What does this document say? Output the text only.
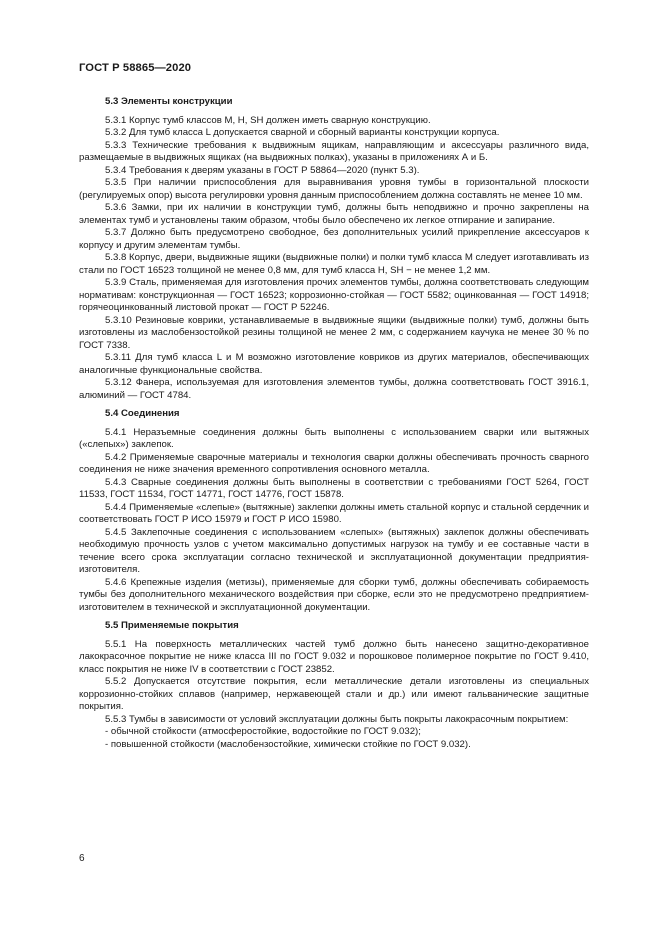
ГОСТ Р 58865—2020
5.3 Элементы конструкции

5.3.1 Корпус тумб классов M, H, SH должен иметь сварную конструкцию.

5.3.2 Для тумб класса L допускается сварной и сборный варианты конструкции корпуса.

5.3.3 Технические требования к выдвижным ящикам, направляющим и аксессуары различного вида, размещаемые в выдвижных ящиках (на выдвижных полках), указаны в приложениях А и Б.

5.3.4 Требования к дверям указаны в ГОСТ Р 58864—2020 (пункт 5.3).

5.3.5 При наличии приспособления для выравнивания уровня тумбы в горизонтальной плоскости (регулируемых опор) высота регулировки уровня данным приспособлением должна составлять не менее 10 мм.

5.3.6 Замки, при их наличии в конструкции тумб, должны быть неподвижно и прочно закреплены на элементах тумб и установлены таким образом, чтобы было обеспечено их легкое отпирание и запирание.

5.3.7 Должно быть предусмотрено свободное, без дополнительных усилий прикрепление аксессуаров к корпусу и другим элементам тумбы.

5.3.8 Корпус, двери, выдвижные ящики (выдвижные полки) и полки тумб класса М следует изготавливать из стали по ГОСТ 16523 толщиной не менее 0,8 мм, для тумб класса H, SH − не менее 1,2 мм.

5.3.9 Сталь, применяемая для изготовления прочих элементов тумбы, должна соответствовать следующим нормативам: конструкционная — ГОСТ 16523; коррозионно-стойкая — ГОСТ 5582; оцинкованная — ГОСТ 14918; горячеоцинкованный листовой прокат — ГОСТ Р 52246.

5.3.10 Резиновые коврики, устанавливаемые в выдвижные ящики (выдвижные полки) тумб, должны быть изготовлены из маслобензостойкой резины толщиной не менее 2 мм, с содержанием каучука не менее 30 % по ГОСТ 7338.

5.3.11 Для тумб класса L и M возможно изготовление ковриков из других материалов, обеспечивающих аналогичные функциональные свойства.

5.3.12 Фанера, используемая для изготовления элементов тумбы, должна соответствовать ГОСТ 3916.1, алюминий — ГОСТ 4784.

5.4 Соединения

5.4.1 Неразъемные соединения должны быть выполнены с использованием сварки или вытяжных («слепых») заклепок.

5.4.2 Применяемые сварочные материалы и технология сварки должны обеспечивать прочность сварного соединения не ниже значения временного сопротивления основного металла.

5.4.3 Сварные соединения должны быть выполнены в соответствии с требованиями ГОСТ 5264, ГОСТ 11533, ГОСТ 11534, ГОСТ 14771, ГОСТ 14776, ГОСТ 15878.

5.4.4 Применяемые «слепые» (вытяжные) заклепки должны иметь стальной корпус и стальной сердечник и соответствовать ГОСТ Р ИСО 15979 и ГОСТ Р ИСО 15980.

5.4.5 Заклепочные соединения с использованием «слепых» (вытяжных) заклепок должны обеспечивать необходимую прочность узлов с учетом максимально допустимых нагрузок на тумбу и ее составные части в течение всего срока эксплуатации согласно технической и эксплуатационной документации предприятия-изготовителя.

5.4.6 Крепежные изделия (метизы), применяемые для сборки тумб, должны обеспечивать собираемость тумбы без дополнительного механического воздействия при сборке, если это не предусмотрено предприятием-изготовителем в технической и эксплуатационной документации.

5.5 Применяемые покрытия

5.5.1 На поверхность металлических частей тумб должно быть нанесено защитно-декоративное лакокрасочное покрытие не ниже класса III по ГОСТ 9.032 и порошковое полимерное покрытие по ГОСТ 9.410, класс покрытия не ниже IV в соответствии с ГОСТ 23852.

5.5.2 Допускается отсутствие покрытия, если металлические детали изготовлены из специальных коррозионно-стойких сплавов (например, нержавеющей стали и др.) или имеют гальванические защитные покрытия.

5.5.3 Тумбы в зависимости от условий эксплуатации должны быть покрыты лакокрасочным покрытием:

- обычной стойкости (атмосферостойкие, водостойкие по ГОСТ 9.032);

- повышенной стойкости (маслобензостойкие, химически стойкие по ГОСТ 9.032).

6
